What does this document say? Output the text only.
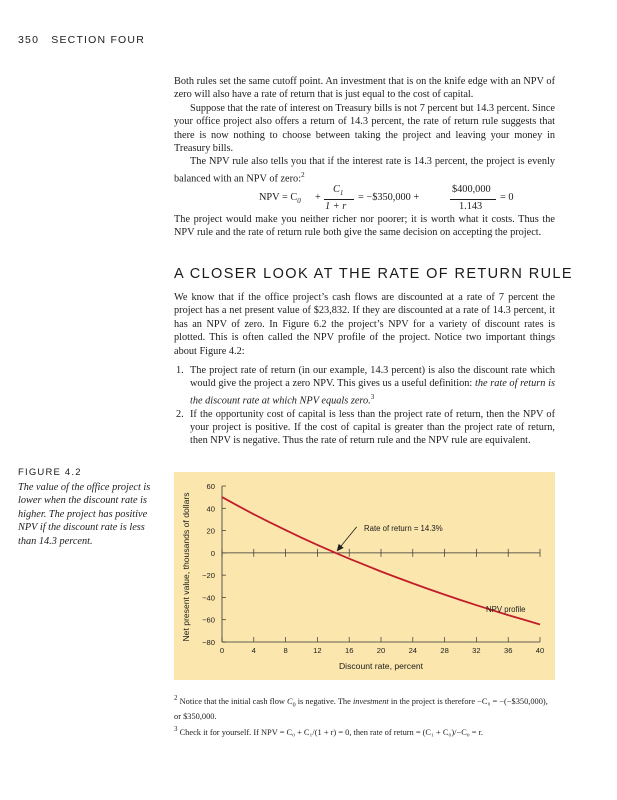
350 SECTION FOUR

Both rules set the same cutoff point. An investment that is on the knife edge with an NPV of zero will also have a rate of return that is just equal to the cost of capital.

Suppose that the rate of interest on Treasury bills is not 7 percent but 14.3 percent. Since your office project also offers a return of 14.3 percent, the rate of return rule suggests that there is now nothing to choose between taking the project and leaving your money in Treasury bills.

The NPV rule also tells you that if the interest rate is 14.3 percent, the project is evenly balanced with an NPV of zero:$^2$

NPV = $C_0$ +
$C_1$
1 + r
= −$350,000 +
$400,000
1.143
= 0

The project would make you neither richer nor poorer; it is worth what it costs. Thus the NPV rule and the rate of return rule both give the same decision on accepting the project.

A CLOSER LOOK AT THE RATE OF RETURN RULE

We know that if the office project’s cash flows are discounted at a rate of 7 percent the project has a net present value of $23,832. If they are discounted at a rate of 14.3 percent, it has an NPV of zero. In Figure 6.2 the project’s NPV for a variety of discount rates is plotted. This is often called the NPV profile of the project. Notice two important things about Figure 4.2:

1. The project rate of return (in our example, 14.3 percent) is also the discount rate which would give the project a zero NPV. This gives us a useful definition: the rate of return is the discount rate at which NPV equals zero.$^3$
2. If the opportunity cost of capital is less than the project rate of return, then the NPV of your project is positive. If the cost of capital is greater than the project rate of return, then NPV is negative. Thus the rate of return rule and the NPV rule are equivalent.
FIGURE 4.2
The value of the office project is lower when the discount rate is higher. The project has positive NPV if the discount rate is less than 14.3 percent.
60
40
20
0
−20
−40
−60
−80
0	4	8	12	16	20	24	28	32	36	40
Net present value, thousands of dollars
Discount rate, percent
Rate of return = 14.3%
NPV profile

$^2$ Notice that the initial cash flow $C_0$ is negative. The investment in the project is therefore −C₀ = −(−$350,000), or $350,000.

$^3$ Check it for yourself. If NPV = C₀ + C₁/(1 + r) = 0, then rate of return = (C₁ + C₀)/−C₀ = r.
